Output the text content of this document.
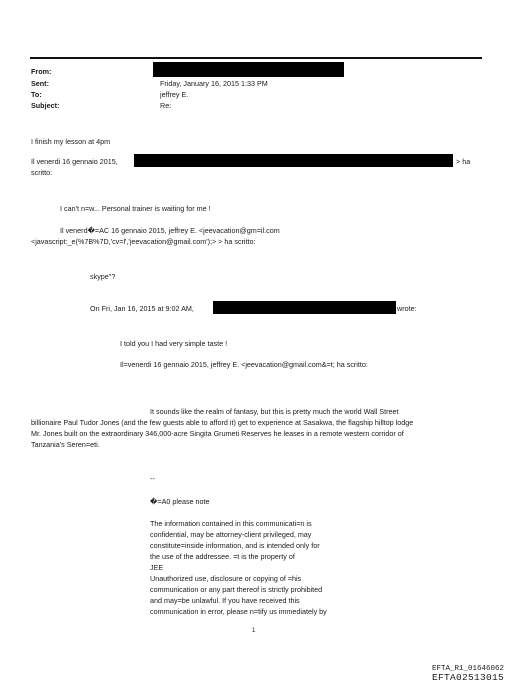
From:
Sent:	Friday, January 16, 2015 1:33 PM
To:	jeffrey E.
Subject:	Re:
I finish my lesson at 4pm
Il venerdi 16 gennaio 2015,	> ha
scritto:
I can't n=w... Personal trainer is waiting for me !
Il venerd�=AC 16 gennaio 2015, jeffrey E. <jeevacation@gm=il.com
<javascript:_e(%7B%7D,'cv=l','jeevacation@gmail.com');> > ha scritto:
skype"?
On Fri, Jan 16, 2015 at 9:02 AM,	wrote:
I told you I had very simple taste !
Il=venerdi 16 gennaio 2015, jeffrey E. <jeevacation@gmail.com&=t; ha scritto:
It sounds like the realm of fantasy, but this is pretty much the world Wall Street
billionaire Paul Tudor Jones (and the few guests able to afford it) get to experience at Sasakwa, the flagship hilltop lodge
Mr. Jones built on the extraordinary 346,000-acre Singita Grumeti Reserves he leases in a remote western corridor of
Tanzania's Seren=eti.
--
�=A0 please note
The information contained in this communicati=n is
confidential, may be attorney-client privileged, may
constitute=inside information, and is intended only for
the use of the addressee. =t is the property of
JEE
Unauthorized use, disclosure or copying of =his
communication or any part thereof is strictly prohibited
and may=be unlawful. If you have received this
communication in error, please n=tify us immediately by
1
EFTA_R1_01646062
EFTA02513015
